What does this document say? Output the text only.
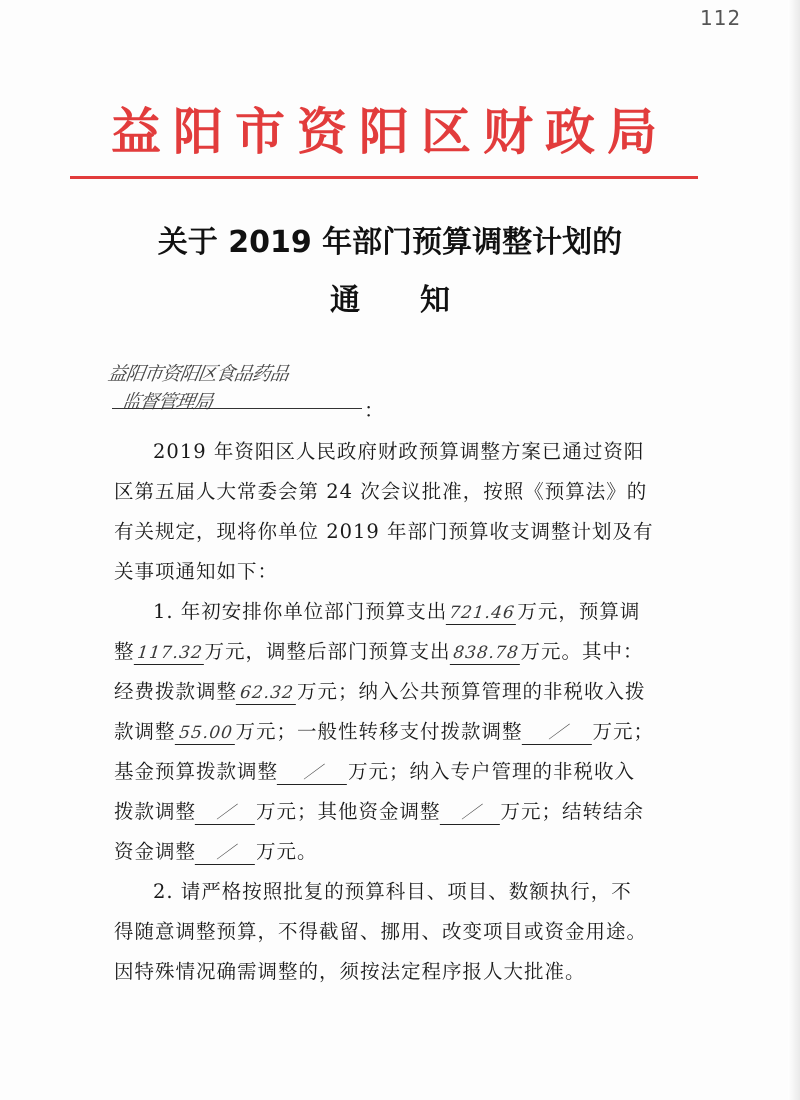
112
益阳市资阳区财政局
关于 2019 年部门预算调整计划的
通　　知
益阳市资阳区食品药品
监督管理局	：
2019 年资阳区人民政府财政预算调整方案已通过资阳
区第五届人大常委会第 24 次会议批准，按照《预算法》的
有关规定，现将你单位 2019 年部门预算收支调整计划及有
关事项通知如下：
1. 年初安排你单位部门预算支出721.46万元，预算调
整117.32万元，调整后部门预算支出838.78万元。其中：
经费拨款调整 62.32 万元；纳入公共预算管理的非税收入拨
款调整 55.00 万元；一般性转移支付拨款调整 ／ 万元；
基金预算拨款调整 ／ 万元；纳入专户管理的非税收入
拨款调整 ／ 万元；其他资金调整 ／ 万元；结转结余
资金调整 ／ 万元。
2. 请严格按照批复的预算科目、项目、数额执行，不
得随意调整预算，不得截留、挪用、改变项目或资金用途。
因特殊情况确需调整的，须按法定程序报人大批准。
